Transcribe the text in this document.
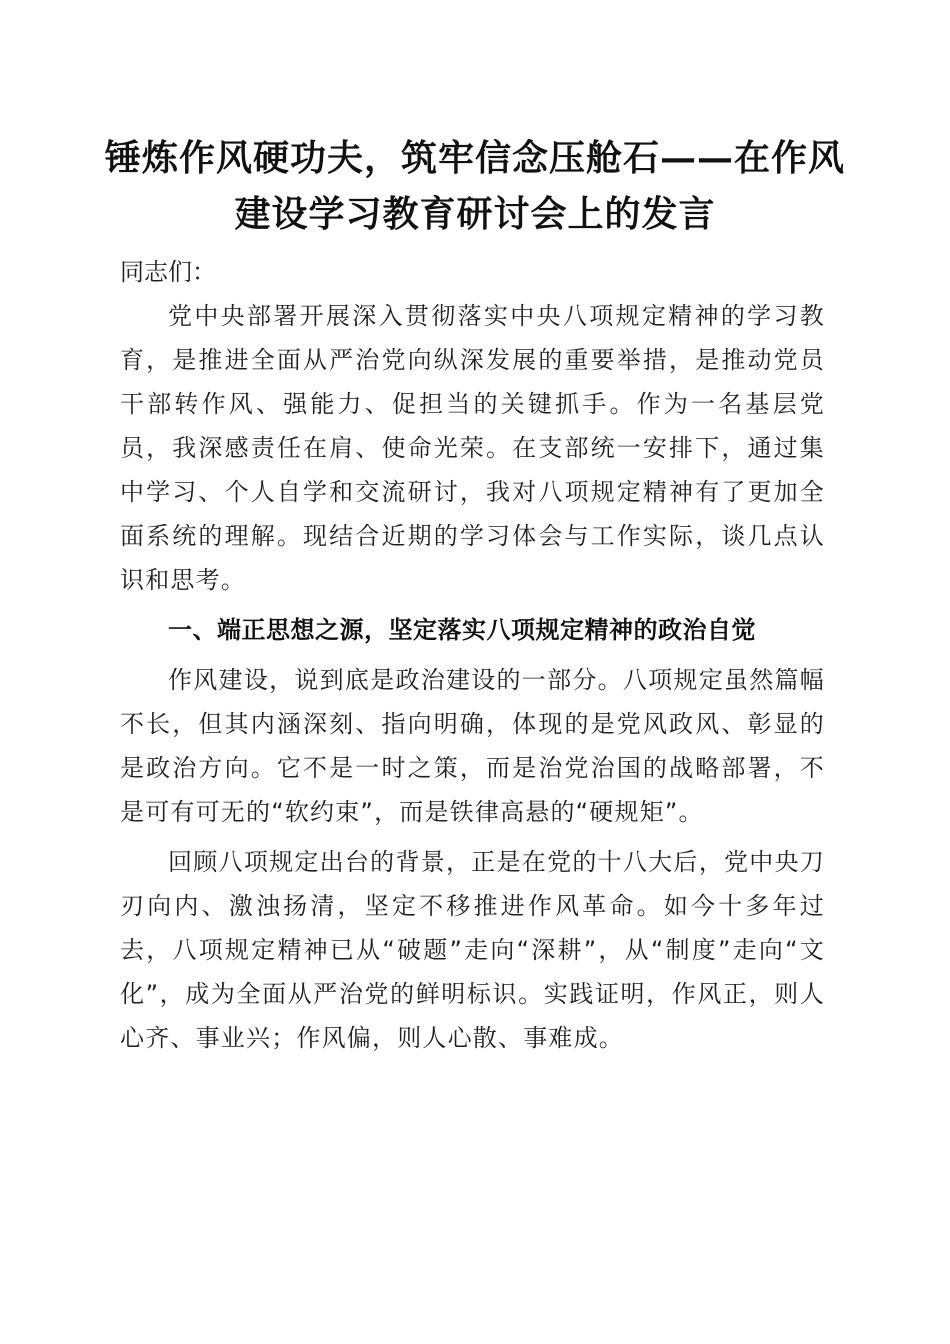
锤炼作风硬功夫，筑牢信念压舱石——在作风
建设学习教育研讨会上的发言

同志们：

党中央部署开展深入贯彻落实中央八项规定精神的学习教育，是推进全面从严治党向纵深发展的重要举措，是推动党员干部转作风、强能力、促担当的关键抓手。作为一名基层党员，我深感责任在肩、使命光荣。在支部统一安排下，通过集中学习、个人自学和交流研讨，我对八项规定精神有了更加全面系统的理解。现结合近期的学习体会与工作实际，谈几点认识和思考。

一、端正思想之源，坚定落实八项规定精神的政治自觉

作风建设，说到底是政治建设的一部分。八项规定虽然篇幅不长，但其内涵深刻、指向明确，体现的是党风政风、彰显的是政治方向。它不是一时之策，而是治党治国的战略部署，不是可有可无的“软约束”，而是铁律高悬的“硬规矩”。

回顾八项规定出台的背景，正是在党的十八大后，党中央刀刃向内、激浊扬清，坚定不移推进作风革命。如今十多年过去，八项规定精神已从“破题”走向“深耕”，从“制度”走向“文化”，成为全面从严治党的鲜明标识。实践证明，作风正，则人心齐、事业兴；作风偏，则人心散、事难成。
